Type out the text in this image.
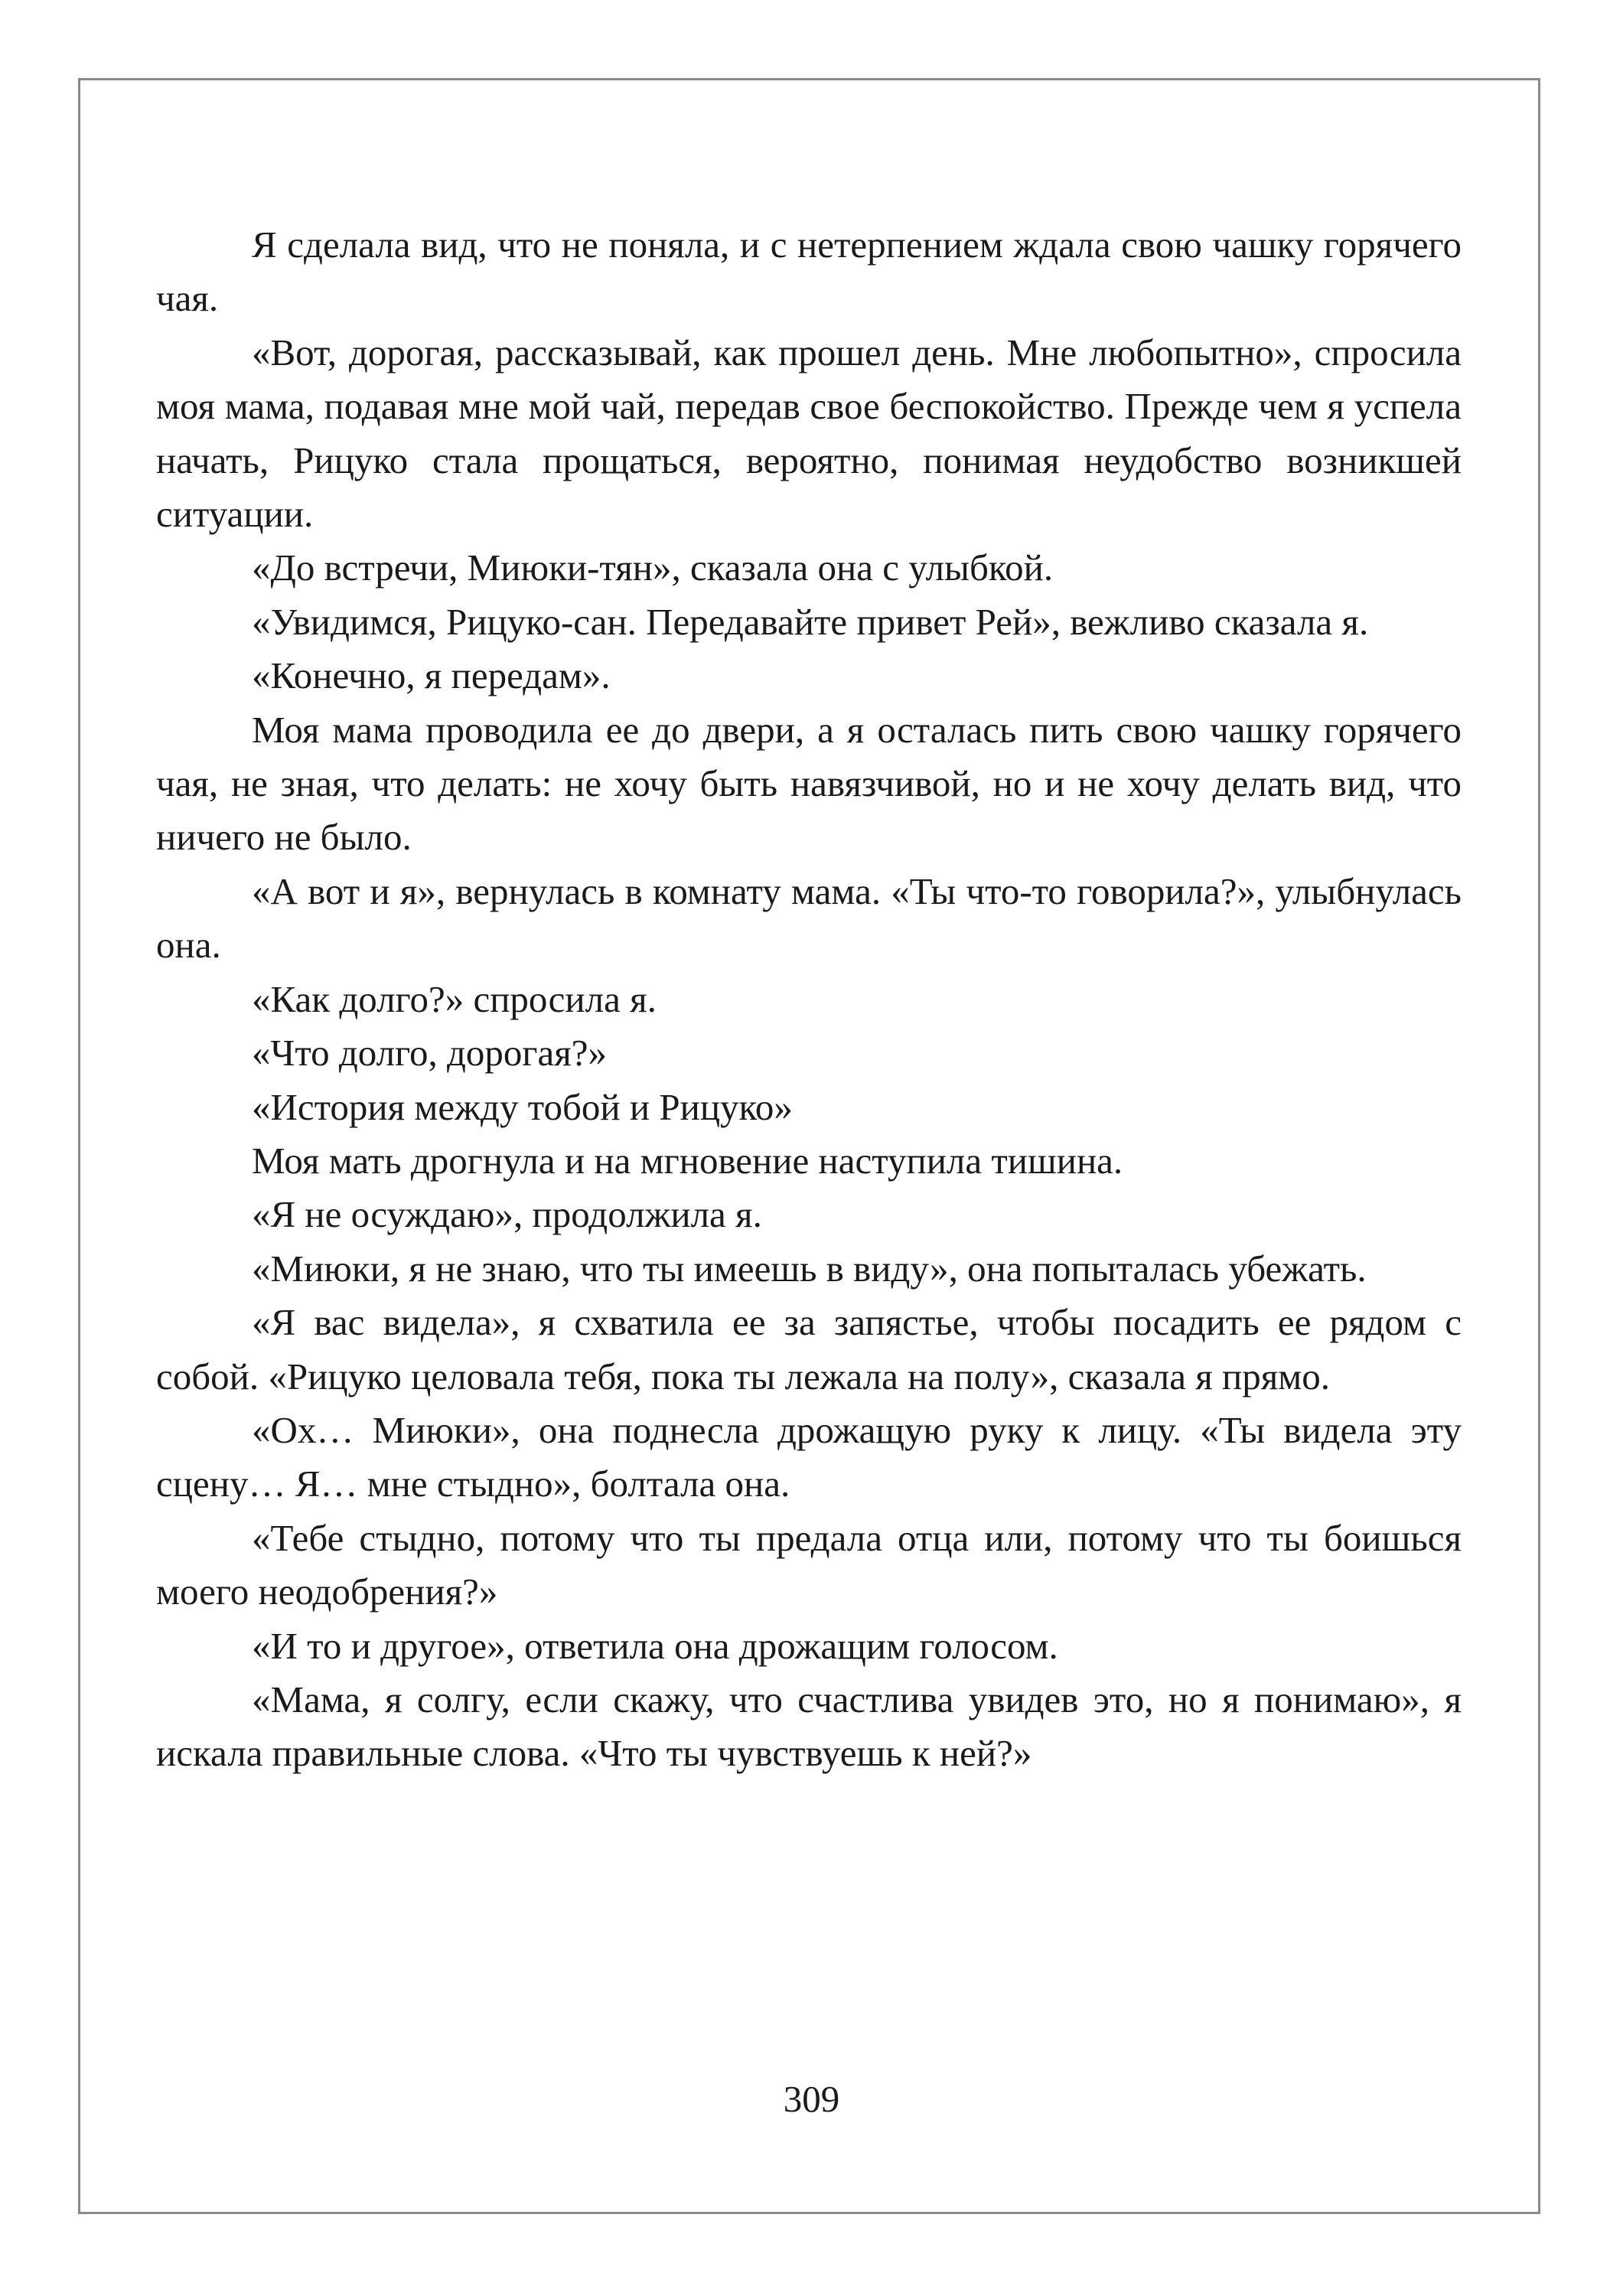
Я сделала вид, что не поняла, и с нетерпением ждала свою чашку горячего чая.

«Вот, дорогая, рассказывай, как прошел день. Мне любопытно», спросила моя мама, подавая мне мой чай, передав свое беспокойство. Прежде чем я успела начать, Рицуко стала прощаться, вероятно, понимая неудобство возникшей ситуации.

«До встречи, Миюки-тян», сказала она с улыбкой.

«Увидимся, Рицуко-сан. Передавайте привет Рей», вежливо сказала я.

«Конечно, я передам».

Моя мама проводила ее до двери, а я осталась пить свою чашку горячего чая, не зная, что делать: не хочу быть навязчивой, но и не хочу делать вид, что ничего не было.

«А вот и я», вернулась в комнату мама. «Ты что-то говорила?», улыбнулась она.

«Как долго?» спросила я.

«Что долго, дорогая?»

«История между тобой и Рицуко»

Моя мать дрогнула и на мгновение наступила тишина.

«Я не осуждаю», продолжила я.

«Миюки, я не знаю, что ты имеешь в виду», она попыталась убежать.

«Я вас видела», я схватила ее за запястье, чтобы посадить ее рядом с собой. «Рицуко целовала тебя, пока ты лежала на полу», сказала я прямо.

«Ох… Миюки», она поднесла дрожащую руку к лицу. «Ты видела эту сцену… Я… мне стыдно», болтала она.

«Тебе стыдно, потому что ты предала отца или, потому что ты боишься моего неодобрения?»

«И то и другое», ответила она дрожащим голосом.

«Мама, я солгу, если скажу, что счастлива увидев это, но я понимаю», я искала правильные слова. «Что ты чувствуешь к ней?»

309
